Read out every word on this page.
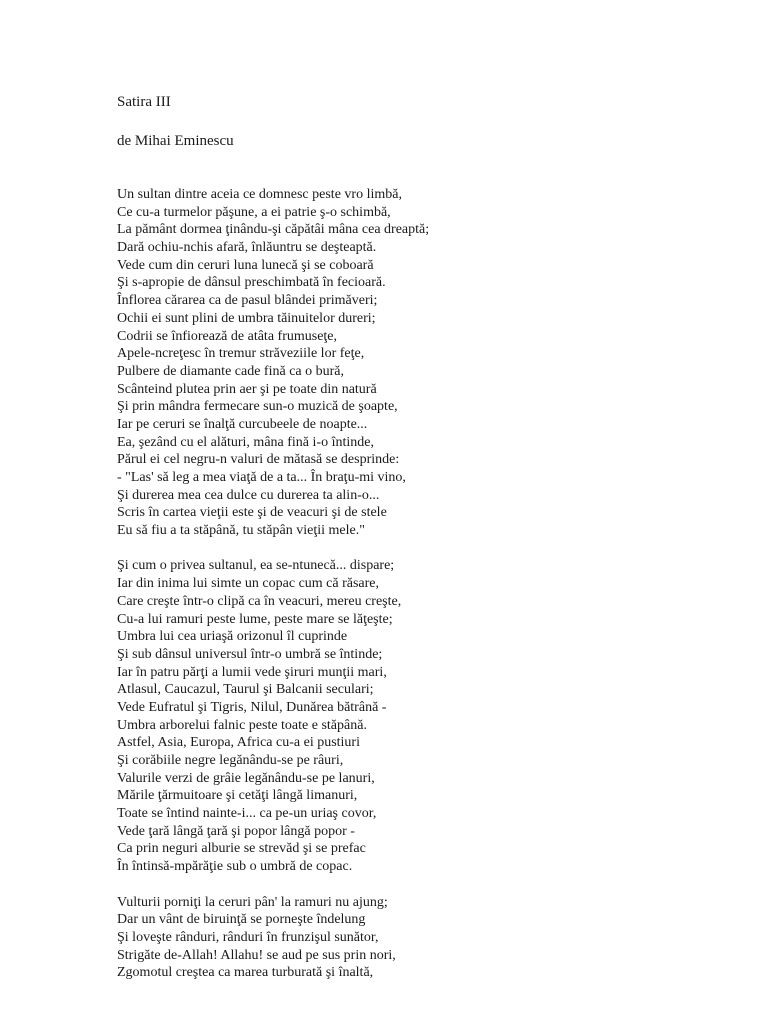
Satira III
de Mihai Eminescu
Un sultan dintre aceia ce domnesc peste vro limbă,
Ce cu-a turmelor păşune, a ei patrie ş-o schimbă,
La pământ dormea ţinându-şi căpătâi mâna cea dreaptă;
Dară ochiu-nchis afară, înlăuntru se deşteaptă.
Vede cum din ceruri luna lunecă şi se coboară
Şi s-apropie de dânsul preschimbată în fecioară.
Înflorea cărarea ca de pasul blândei primăveri;
Ochii ei sunt plini de umbra tăinuitelor dureri;
Codrii se înfiorează de atâta frumuseţe,
Apele-ncreţesc în tremur străveziile lor feţe,
Pulbere de diamante cade fină ca o bură,
Scânteind plutea prin aer şi pe toate din natură
Şi prin mândra fermecare sun-o muzică de şoapte,
Iar pe ceruri se înalţă curcubeele de noapte...
Ea, şezând cu el alături, mâna fină i-o întinde,
Părul ei cel negru-n valuri de mătasă se desprinde:
- "Las' să leg a mea viaţă de a ta... În braţu-mi vino,
Şi durerea mea cea dulce cu durerea ta alin-o...
Scris în cartea vieţii este şi de veacuri şi de stele
Eu să fiu a ta stăpână, tu stăpân vieţii mele."
Şi cum o privea sultanul, ea se-ntunecă... dispare;
Iar din inima lui simte un copac cum că răsare,
Care creşte într-o clipă ca în veacuri, mereu creşte,
Cu-a lui ramuri peste lume, peste mare se lăţeşte;
Umbra lui cea uriaşă orizonul îl cuprinde
Şi sub dânsul universul într-o umbră se întinde;
Iar în patru părţi a lumii vede şiruri munţii mari,
Atlasul, Caucazul, Taurul şi Balcanii seculari;
Vede Eufratul şi Tigris, Nilul, Dunărea bătrână -
Umbra arborelui falnic peste toate e stăpână.
Astfel, Asia, Europa, Africa cu-a ei pustiuri
Şi corăbiile negre legănându-se pe râuri,
Valurile verzi de grâie legănându-se pe lanuri,
Mările ţărmuitoare şi cetăţi lângă limanuri,
Toate se întind nainte-i... ca pe-un uriaş covor,
Vede ţară lângă ţară şi popor lângă popor -
Ca prin neguri alburie se strevăd şi se prefac
În întinsă-mpărăţie sub o umbră de copac.
Vulturii porniţi la ceruri pân' la ramuri nu ajung;
Dar un vânt de biruinţă se porneşte îndelung
Şi loveşte rânduri, rânduri în frunzişul sunător,
Strigăte de-Allah! Allahu! se aud pe sus prin nori,
Zgomotul creştea ca marea turburată şi înaltă,
